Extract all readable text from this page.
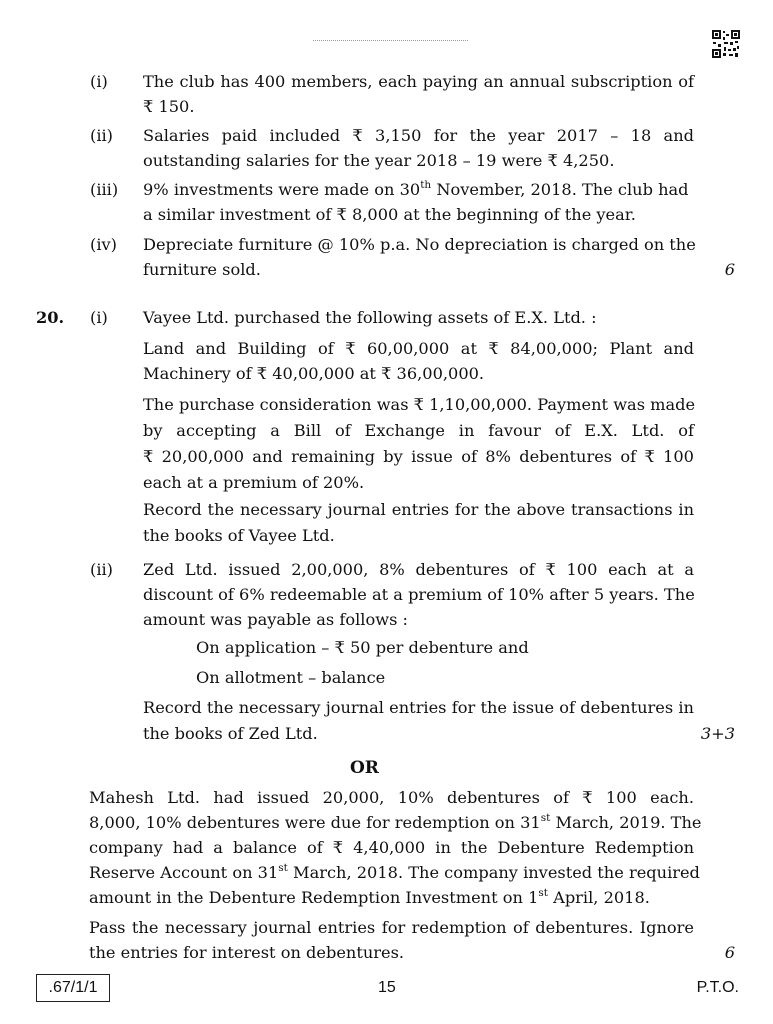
(i) The club has 400 members, each paying an annual subscription of
₹ 150.
(ii) Salaries paid included ₹ 3,150 for the year 2017 – 18 and
outstanding salaries for the year 2018 – 19 were ₹ 4,250.
(iii) 9% investments were made on 30th November, 2018. The club had
a similar investment of ₹ 8,000 at the beginning of the year.
(iv) Depreciate furniture @ 10% p.a. No depreciation is charged on the
furniture sold.	6
20. (i) Vayee Ltd. purchased the following assets of E.X. Ltd. :
Land and Building of ₹ 60,00,000 at ₹ 84,00,000; Plant and
Machinery of ₹ 40,00,000 at ₹ 36,00,000.
The purchase consideration was ₹ 1,10,00,000. Payment was made
by accepting a Bill of Exchange in favour of E.X. Ltd. of
₹ 20,00,000 and remaining by issue of 8% debentures of ₹ 100
each at a premium of 20%.
Record the necessary journal entries for the above transactions in
the books of Vayee Ltd.
(ii) Zed Ltd. issued 2,00,000, 8% debentures of ₹ 100 each at a
discount of 6% redeemable at a premium of 10% after 5 years. The
amount was payable as follows :
On application – ₹ 50 per debenture and
On allotment – balance
Record the necessary journal entries for the issue of debentures in
the books of Zed Ltd.	3+3
OR
Mahesh Ltd. had issued 20,000, 10% debentures of ₹ 100 each.
8,000, 10% debentures were due for redemption on 31 $^{st}$ March, 2019. The
company had a balance of ₹ 4,40,000 in the Debenture Redemption
Reserve Account on 31 $^{st}$ March, 2018. The company invested the required
amount in the Debenture Redemption Investment on 1st April, 2018.
Pass the necessary journal entries for redemption of debentures. Ignore
the entries for interest on debentures.	6
.67/1/1	15	P.T.O.
